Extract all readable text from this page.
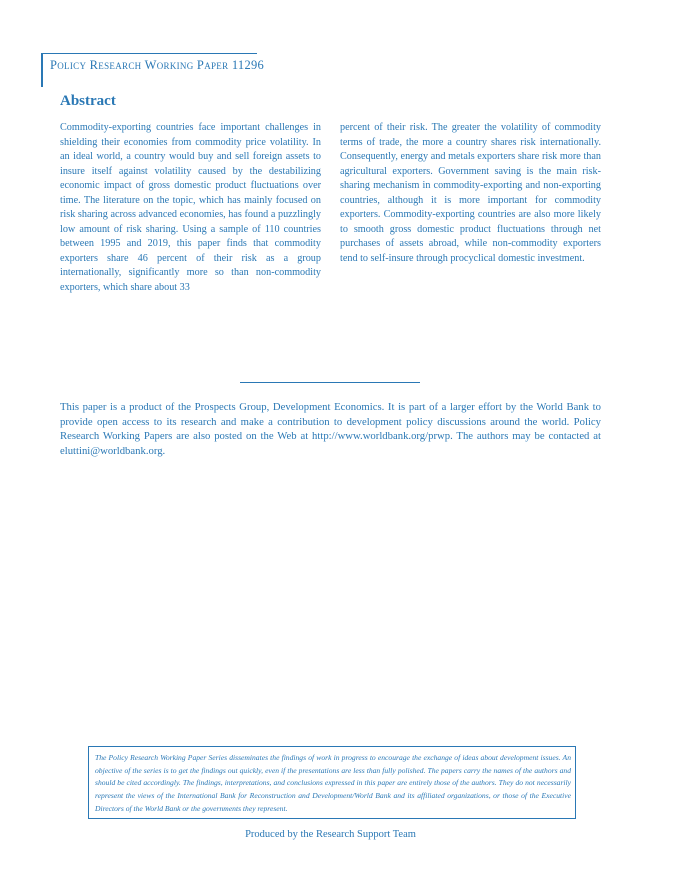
Policy Research Working Paper 11296
Abstract

Commodity-exporting countries face important challenges in shielding their economies from commodity price volatility. In an ideal world, a country would buy and sell foreign assets to insure itself against volatility caused by the destabilizing economic impact of gross domestic product fluctuations over time. The literature on the topic, which has mainly focused on risk sharing across advanced economies, has found a puzzlingly low amount of risk sharing. Using a sample of 110 countries between 1995 and 2019, this paper finds that commodity exporters share 46 percent of their risk as a group internationally, significantly more so than non-commodity exporters, which share about 33

percent of their risk. The greater the volatility of commodity terms of trade, the more a country shares risk internationally. Consequently, energy and metals exporters share risk more than agricultural exporters. Government saving is the main risk-sharing mechanism in commodity-exporting and non-exporting countries, although it is more important for commodity exporters. Commodity-exporting countries are also more likely to smooth gross domestic product fluctuations through net purchases of assets abroad, while non-commodity exporters tend to self-insure through procyclical domestic investment.

This paper is a product of the Prospects Group, Development Economics. It is part of a larger effort by the World Bank to provide open access to its research and make a contribution to development policy discussions around the world. Policy Research Working Papers are also posted on the Web at http://www.worldbank.org/prwp. The authors may be contacted at eluttini@worldbank.org.

The Policy Research Working Paper Series disseminates the findings of work in progress to encourage the exchange of ideas about development issues. An objective of the series is to get the findings out quickly, even if the presentations are less than fully polished. The papers carry the names of the authors and should be cited accordingly. The findings, interpretations, and conclusions expressed in this paper are entirely those of the authors. They do not necessarily represent the views of the International Bank for Reconstruction and Development/World Bank and its affiliated organizations, or those of the Executive Directors of the World Bank or the governments they represent.

Produced by the Research Support Team
